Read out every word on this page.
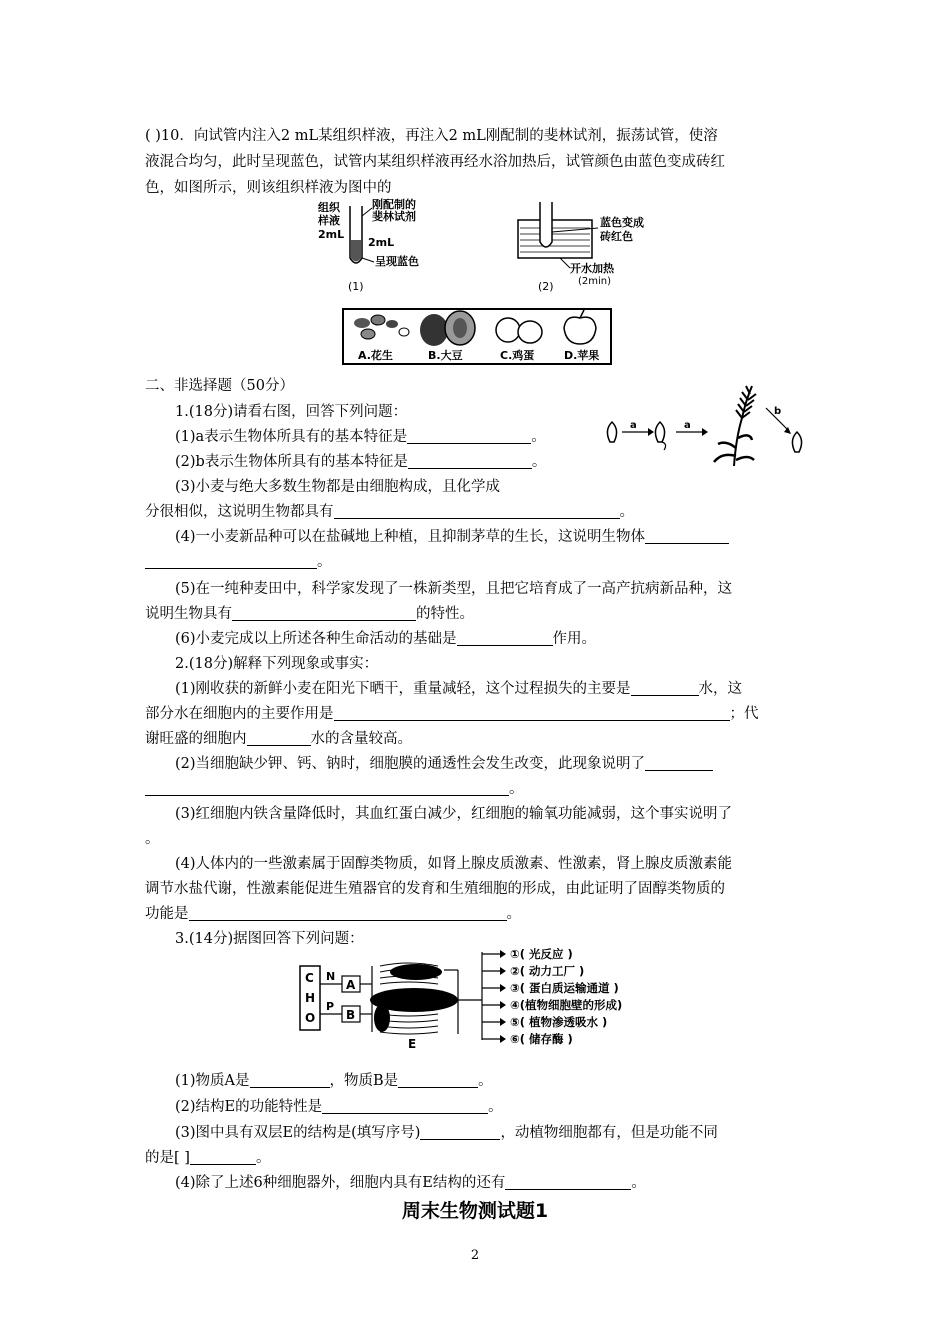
( )10．向试管内注入2 mL某组织样液，再注入2 mL刚配制的斐林试剂，振荡试管，使溶
液混合均匀，此时呈现蓝色，试管内某组织样液再经水浴加热后，试管颜色由蓝色变成砖红
色，如图所示，则该组织样液为图中的
组织
样液
2mL
刚配制的
斐林试剂
2mL
呈现蓝色
(1)
蓝色变成
砖红色
开水加热
(2min)
(2)
A.花生	B.大豆	C.鸡蛋	D.苹果
二、非选择题（50分）
1.(18分)请看右图，回答下列问题：
(1)a表示生物体所具有的基本特征是	。
(2)b表示生物体所具有的基本特征是	。
(3)小麦与绝大多数生物都是由细胞构成，且化学成
分很相似，这说明生物都具有	。
a	a
b
(4)一小麦新品种可以在盐碱地上种植，且抑制茅草的生长，这说明生物体
。
(5)在一纯种麦田中，科学家发现了一株新类型，且把它培育成了一高产抗病新品种，这
说明生物具有	的特性。
(6)小麦完成以上所述各种生命活动的基础是	作用。
2.(18分)解释下列现象或事实：
(1)刚收获的新鲜小麦在阳光下晒干，重量减轻，这个过程损失的主要是	水，这
部分水在细胞内的主要作用是	；代
谢旺盛的细胞内	水的含量较高。
(2)当细胞缺少钾、钙、钠时，细胞膜的通透性会发生改变，此现象说明了
。
(3)红细胞内铁含量降低时，其血红蛋白减少，红细胞的输氧功能减弱，这个事实说明了
。
(4)人体内的一些激素属于固醇类物质，如肾上腺皮质激素、性激素，肾上腺皮质激素能
调节水盐代谢，性激素能促进生殖器官的发育和生殖细胞的形成，由此证明了固醇类物质的
功能是	。
3.(14分)据图回答下列问题：
C
H
O
N
A
P
B
E
①( 光反应 )
②( 动力工厂 )
③( 蛋白质运输通道 )
④(植物细胞壁的形成)
⑤( 植物渗透吸水 )
⑥( 储存酶 )
(1)物质A是	，物质B是	。
(2)结构E的功能特性是	。
(3)图中具有双层E的结构是(填写序号)	，动植物细胞都有，但是功能不同
的是[ ]	。
(4)除了上述6种细胞器外，细胞内具有E结构的还有	。
周末生物测试题1
2
